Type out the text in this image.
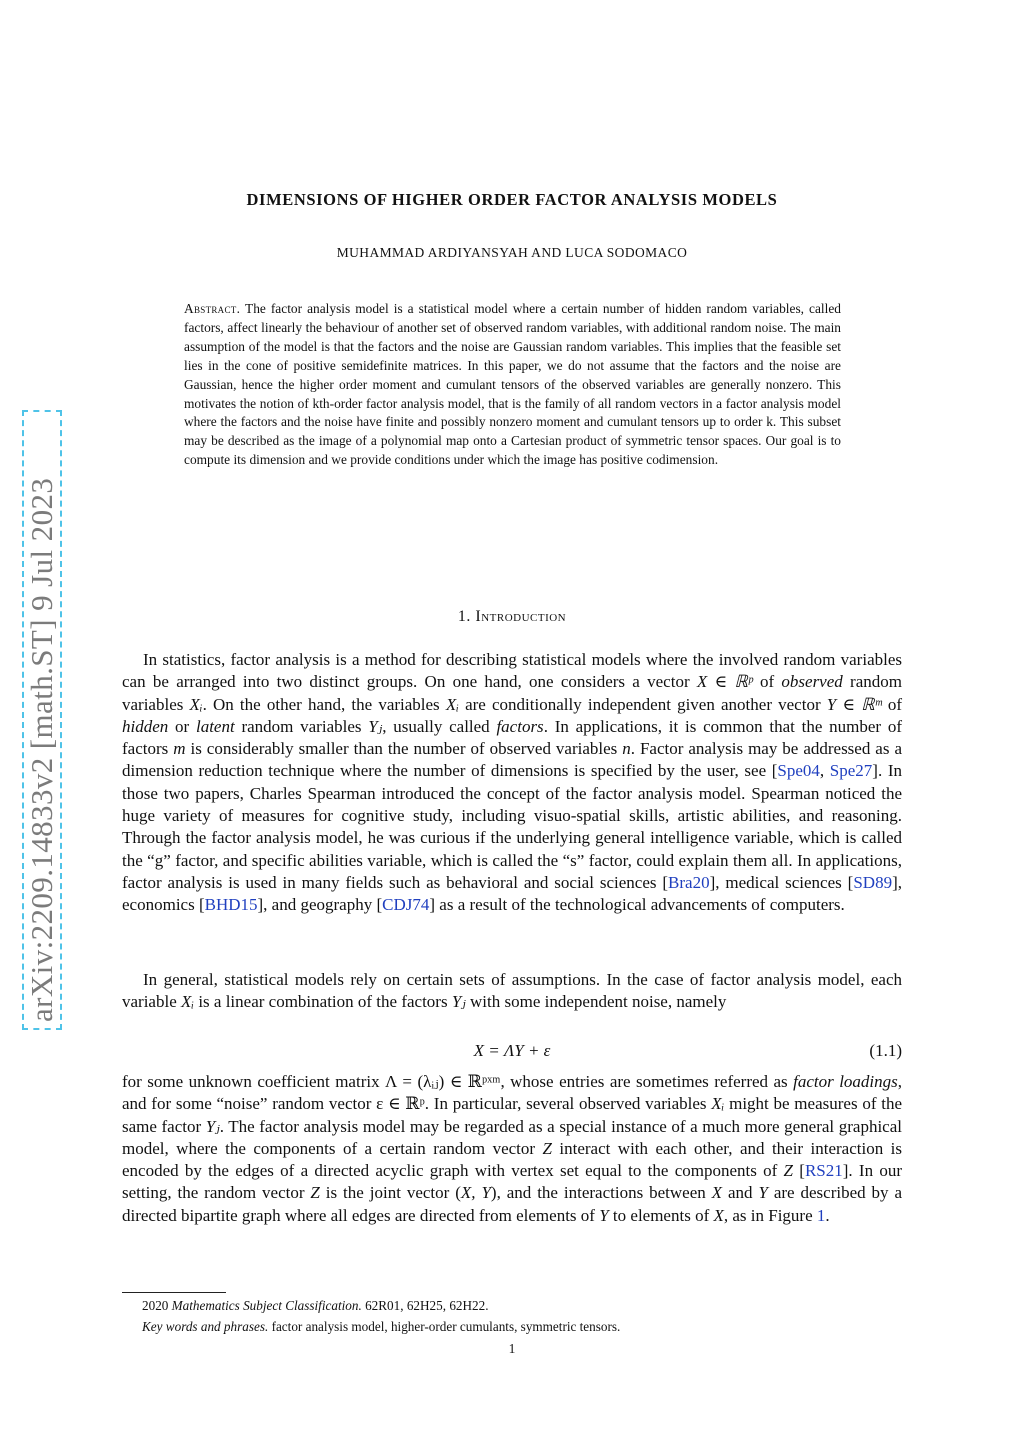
arXiv:2209.14833v2 [math.ST] 9 Jul 2023
DIMENSIONS OF HIGHER ORDER FACTOR ANALYSIS MODELS
MUHAMMAD ARDIYANSYAH AND LUCA SODOMACO
Abstract. The factor analysis model is a statistical model where a certain number of hidden random variables, called factors, affect linearly the behaviour of another set of observed random variables, with additional random noise. The main assumption of the model is that the factors and the noise are Gaussian random variables. This implies that the feasible set lies in the cone of positive semidefinite matrices. In this paper, we do not assume that the factors and the noise are Gaussian, hence the higher order moment and cumulant tensors of the observed variables are generally nonzero. This motivates the notion of kth-order factor analysis model, that is the family of all random vectors in a factor analysis model where the factors and the noise have finite and possibly nonzero moment and cumulant tensors up to order k. This subset may be described as the image of a polynomial map onto a Cartesian product of symmetric tensor spaces. Our goal is to compute its dimension and we provide conditions under which the image has positive codimension.
1. Introduction

In statistics, factor analysis is a method for describing statistical models where the involved random variables can be arranged into two distinct groups. On one hand, one considers a vector X ∈ ℝᵖ of observed random variables Xᵢ. On the other hand, the variables Xᵢ are conditionally independent given another vector Y ∈ ℝᵐ of hidden or latent random variables Yⱼ, usually called factors. In applications, it is common that the number of factors m is considerably smaller than the number of observed variables n. Factor analysis may be addressed as a dimension reduction technique where the number of dimensions is specified by the user, see [Spe04, Spe27]. In those two papers, Charles Spearman introduced the concept of the factor analysis model. Spearman noticed the huge variety of measures for cognitive study, including visuo-spatial skills, artistic abilities, and reasoning. Through the factor analysis model, he was curious if the underlying general intelligence variable, which is called the “g” factor, and specific abilities variable, which is called the “s” factor, could explain them all. In applications, factor analysis is used in many fields such as behavioral and social sciences [Bra20], medical sciences [SD89], economics [BHD15], and geography [CDJ74] as a result of the technological advancements of computers.

In general, statistical models rely on certain sets of assumptions. In the case of factor analysis model, each variable Xᵢ is a linear combination of the factors Yⱼ with some independent noise, namely

X = ΛY + ε	(1.1)

for some unknown coefficient matrix Λ = (λᵢⱼ) ∈ ℝᵖˣᵐ, whose entries are sometimes referred as factor loadings, and for some “noise” random vector ε ∈ ℝᵖ. In particular, several observed variables Xᵢ might be measures of the same factor Yⱼ. The factor analysis model may be regarded as a special instance of a much more general graphical model, where the components of a certain random vector Z interact with each other, and their interaction is encoded by the edges of a directed acyclic graph with vertex set equal to the components of Z [RS21]. In our setting, the random vector Z is the joint vector (X, Y), and the interactions between X and Y are described by a directed bipartite graph where all edges are directed from elements of Y to elements of X, as in Figure 1.

2020 Mathematics Subject Classification. 62R01, 62H25, 62H22.
Key words and phrases. factor analysis model, higher-order cumulants, symmetric tensors.
1
